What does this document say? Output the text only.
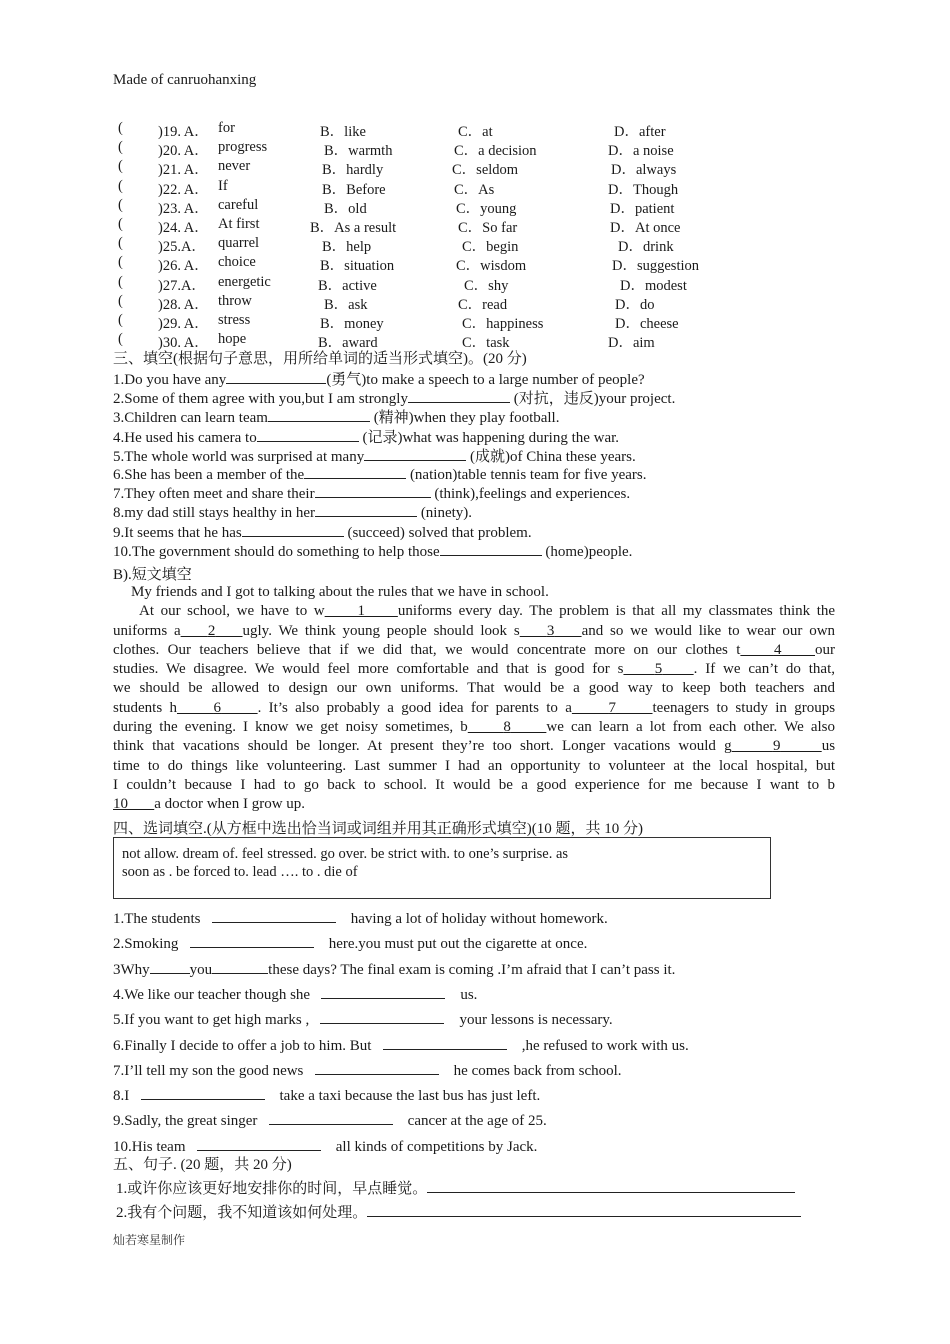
Made of canruohanxing
( )19. A． for	B．like	C．at	D．after
( )20. A． progress	B．warmth	C．a decision	D．a noise
( )21. A． never	B．hardly	C．seldom	D．always
( )22. A． If	B．Before	C．As	D．Though
( )23. A． careful	B．old	C．young	D．patient
( )24. A． At first	B．As a result	C．So far	D．At once
( )25.A． quarrel	B．help	C．begin	D．drink
( )26. A． choice	B．situation	C．wisdom	D．suggestion
( )27.A． energetic	B．active	C．shy	D．modest
( )28. A． throw	B．ask	C．read	D．do
( )29. A． stress	B．money	C．happiness	D．cheese
( )30. A． hope	B．award	C．task	D．aim
三、填空(根据句子意思，用所给单词的适当形式填空)。(20 分)
1.Do you have any	(勇气)to make a speech to a large number of people?
2.Some of them agree with you,but I am strongly	(对抗，违反)your project.
3.Children can learn team	(精神)when they play football.
4.He used his camera to	(记录)what was happening during the war.
5.The whole world was surprised at many	(成就)of China these years.
6.She has been a member of the	(nation)table tennis team for five years.
7.They often meet and share their	(think),feelings and experiences.
8.my dad still stays healthy in her	(ninety).
9.It seems that he has	(succeed) solved that problem.
10.The government should do something to help those	(home)people.
B).短文填空
My friends and I got to talking about the rules that we have in school.
At our school, we have to w 1 uniforms every day. The problem is that all my classmates think the
uniforms a 2 ugly. We think young people should look s 3 and so we would like to wear our own
clothes. Our teachers believe that if we did that, we would concentrate more on our clothes t 4 our
studies. We disagree. We would feel more comfortable and that is good for s 5 . If we can’t do that,
we should be allowed to design our own uniforms. That would be a good way to keep both teachers and
students h 6 . It’s also probably a good idea for parents to a 7 teenagers to study in groups
during the evening. I know we get noisy sometimes, b 8 we can learn a lot from each other. We also
think that vacations should be longer. At present they’re too short. Longer vacations would g	9	us
time to do things like volunteering. Last summer I had an opportunity to volunteer at the local hospital, but
I couldn’t because I had to go back to school. It would be a good experience for me because I want to b
10 a doctor when I grow up.
四、选词填空.(从方框中选出恰当词或词组并用其正确形式填空)(10 题，共 10 分)
not allow. dream of. feel stressed. go over. be strict with. to one’s surprise. as
soon as . be forced to. lead …. to . die of
1.The students	having a lot of holiday without homework.
2.Smoking	here.you must put out the cigarette at once.
3Why	you	these days? The final exam is coming .I’m afraid that I can’t pass it.
4.We like our teacher though she	us.
5.If you want to get high marks ,	your lessons is necessary.
6.Finally I decide to offer a job to him. But	,he refused to work with us.
7.I’ll tell my son the good news	he comes back from school.
8.I	take a taxi because the last bus has just left.
9.Sadly, the great singer	cancer at the age of 25.
10.His team	all kinds of competitions by Jack.
五、句子. (20 题，共 20 分)
1.或许你应该更好地安排你的时间，早点睡觉。
2.我有个问题，我不知道该如何处理。
灿若寒星制作
